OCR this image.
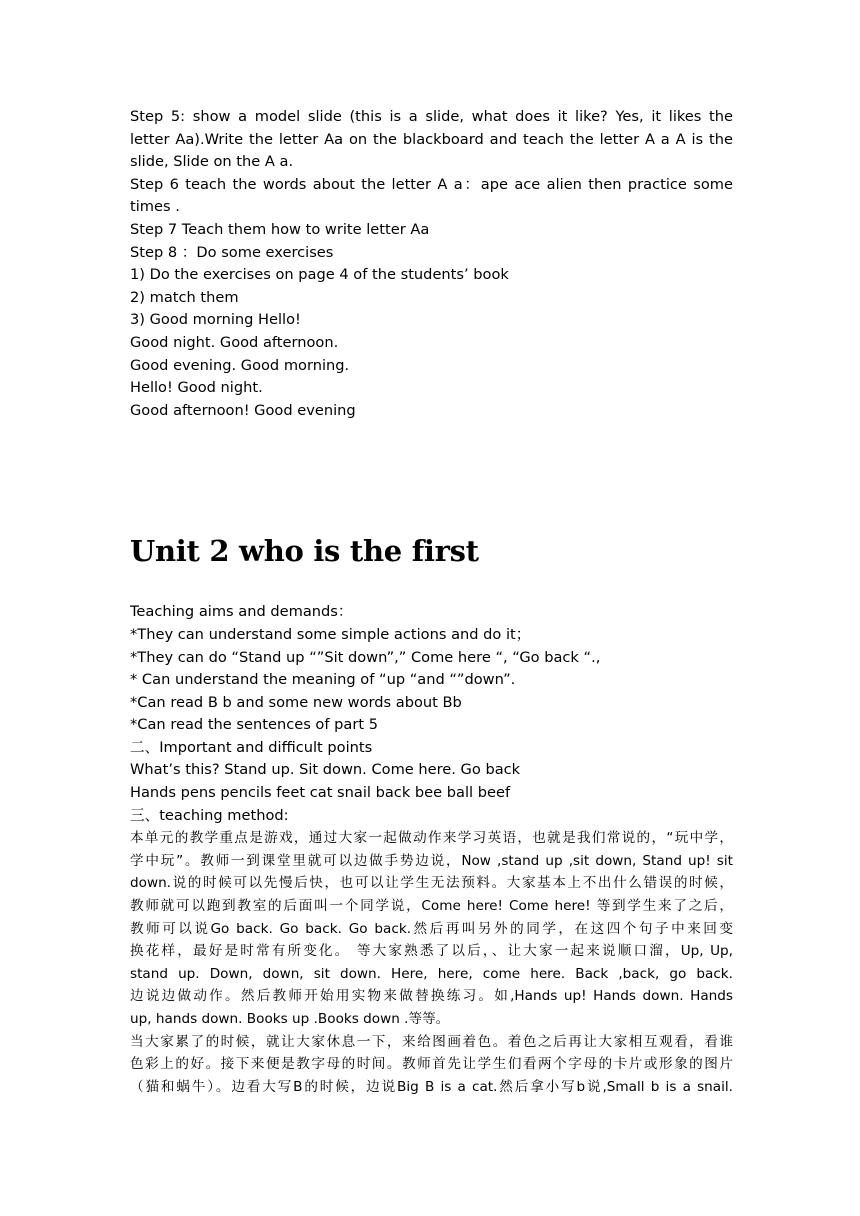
Step 5: show a model slide (this is a slide, what does it like? Yes, it likes the

letter Aa).Write the letter Aa on the blackboard and teach the letter A a A is the

slide, Slide on the A a.

Step 6 teach the words about the letter A a：ape ace alien then practice some

times .

Step 7 Teach them how to write letter Aa

Step 8 ：Do some exercises

1) Do the exercises on page 4 of the students’ book

2) match them

3) Good morning Hello!

Good night. Good afternoon.

Good evening. Good morning.

Hello! Good night.

Good afternoon! Good evening

Unit 2 who is the first

Teaching aims and demands：

*They can understand some simple actions and do it；

*They can do “Stand up “”Sit down”,” Come here “, “Go back “.,

* Can understand the meaning of “up “and “”down”.

*Can read B b and some new words about Bb

*Can read the sentences of part 5

二、Important and difficult points

What’s this? Stand up. Sit down. Come here. Go back

Hands pens pencils feet cat snail back bee ball beef

三、teaching method:

本单元的教学重点是游戏，通过大家一起做动作来学习英语，也就是我们常说的，“玩中学，

学中玩”。教师一到课堂里就可以边做手势边说，Now ,stand up ,sit down, Stand up! sit

down.说的时候可以先慢后快，也可以让学生无法预料。大家基本上不出什么错误的时候，

教师就可以跑到教室的后面叫一个同学说，Come here! Come here! 等到学生来了之后，

教师可以说Go back. Go back. Go back.然后再叫另外的同学，在这四个句子中来回变

换花样，最好是时常有所变化。 等大家熟悉了以后，、让大家一起来说顺口溜，Up, Up,

stand up. Down, down, sit down. Here, here, come here. Back ,back, go back.

边说边做动作。然后教师开始用实物来做替换练习。如,Hands up! Hands down. Hands

up, hands down. Books up .Books down .等等。

当大家累了的时候，就让大家休息一下，来给图画着色。着色之后再让大家相互观看，看谁

色彩上的好。接下来便是教字母的时间。教师首先让学生们看两个字母的卡片或形象的图片

（猫和蜗牛）。边看大写B的时候，边说Big B is a cat.然后拿小写b说,Small b is a snail.
